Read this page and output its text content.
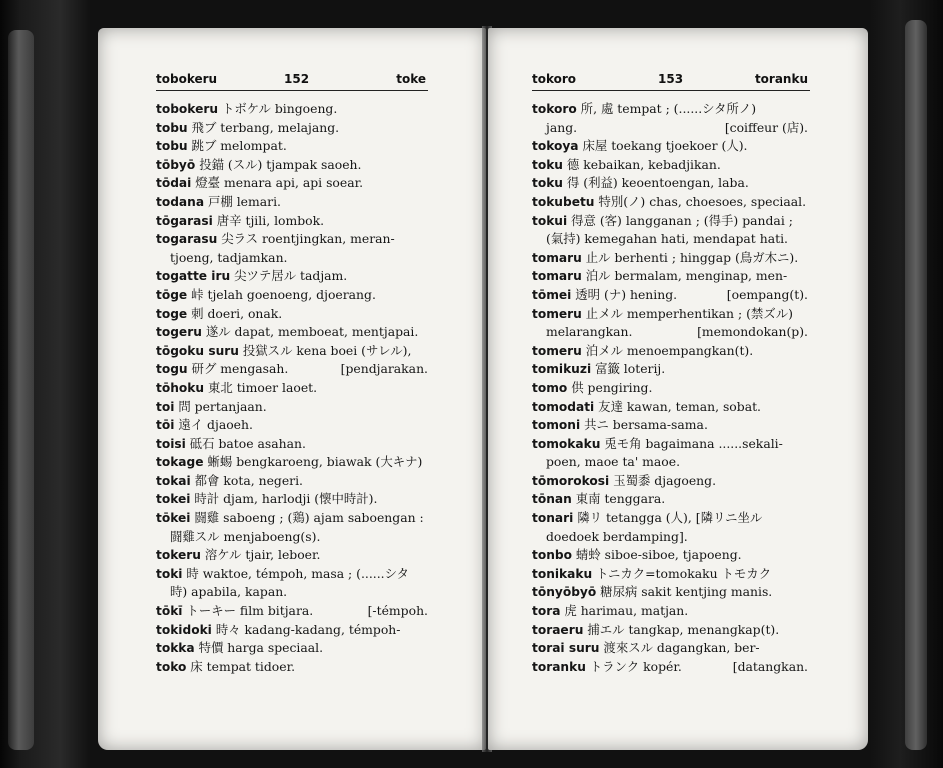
tobokeru	152	toke
tobokeru トボケル bingoeng.
tobu 飛ブ terbang, melajang.
tobu 跳ブ melompat.
tōbyō 投錨 (スル) tjampak saoeh.
tōdai 燈臺 menara api, api soear.
todana 戸棚 lemari.
tōgarasi 唐辛 tjili, lombok.
togarasu 尖ラス roentjingkan, meran-
tjoeng, tadjamkan.
togatte iru 尖ツテ居ル tadjam.
tōge 峠 tjelah goenoeng, djoerang.
toge 刺 doeri, onak.
togeru 遂ル dapat, memboeat, mentjapai.
tōgoku suru 投獄スル kena boei (サレル),
togu 研グ mengasah.	[pendjarakan.
tōhoku 東北 timoer laoet.
toi 問 pertanjaan.
tōi 遠イ djaoeh.
toisi 砥石 batoe asahan.
tokage 蜥蜴 bengkaroeng, biawak (大キナ)
tokai 都會 kota, negeri.
tokei 時計 djam, harlodji (懐中時計).
tōkei 闘雞 saboeng ; (鶏) ajam saboengan :
闘雞スル menjaboeng(s).
tokeru 溶ケル tjair, leboer.
toki 時 waktoe, témpoh, masa ; (......シタ
時) apabila, kapan.
tōkī トーキー film bitjara.	[-témpoh.
tokidoki 時々 kadang-kadang, témpoh-
tokka 特價 harga speciaal.
toko 床 tempat tidoer.
tokoro	153	toranku
tokoro 所, 處 tempat ; (......シタ所ノ)
jang.	[coiffeur (店).
tokoya 床屋 toekang tjoekoer (人).
toku 德 kebaikan, kebadjikan.
toku 得 (利益) keoentoengan, laba.
tokubetu 特別(ノ) chas, choesoes, speciaal.
tokui 得意 (客) langganan ; (得手) pandai ;
(氣持) kemegahan hati, mendapat hati.
tomaru 止ル berhenti ; hinggap (鳥ガ木ニ).
tomaru 泊ル bermalam, menginap, men-
tōmei 透明 (ナ) hening.	[oempang(t).
tomeru 止メル memperhentikan ; (禁ズル)
melarangkan.	[memondokan(p).
tomeru 泊メル menoempangkan(t).
tomikuzi 富籤 loterij.
tomo 供 pengiring.
tomodati 友達 kawan, teman, sobat.
tomoni 共ニ bersama-sama.
tomokaku 兎モ角 bagaimana ......sekali-
poen, maoe ta' maoe.
tōmorokosi 玉蜀黍 djagoeng.
tōnan 東南 tenggara.
tonari 隣リ tetangga (人), [隣リニ坐ル
doedoek berdamping].
tonbo 蜻蛉 siboe-siboe, tjapoeng.
tonikaku トニカク=tomokaku トモカク
tōnyōbyō 糖尿病 sakit kentjing manis.
tora 虎 harimau, matjan.
toraeru 捕エル tangkap, menangkap(t).
torai suru 渡來スル dagangkan, ber-
toranku トランク kopér.	[datangkan.
